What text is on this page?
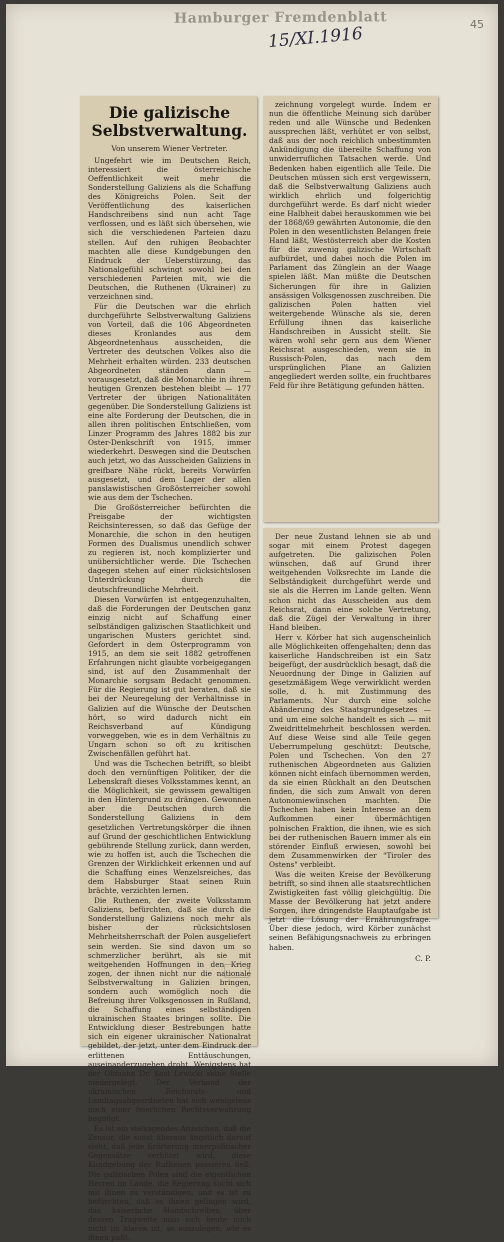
Hamburger Fremdenblatt
15/XI.1916	45
Die galizische
Selbstverwaltung.
Von unserem Wiener Vertreter.

Ungefehrt wie im Deutschen Reich, interessiert die österreichische Oeffentlichkeit weit mehr die Sonderstellung Galiziens als die Schaffung des Königreichs Polen. Seit der Veröffentlichung des kaiserlichen Handschreibens sind nun acht Tage verflossen, und es läßt sich übersehen, wie sich die verschiedenen Parteien dazu stellen. Auf den ruhigen Beobachter machten alle diese Kundgebungen den Eindruck der Ueberstürzung, das Nationalgefühl schwingt sowohl bei den verschiedenen Parteien mit, wie die Deutschen, die Ruthenen (Ukrainer) zu verzeichnen sind.

Für die Deutschen war die ehrlich durchgeführte Selbstverwaltung Galiziens von Vorteil, daß die 106 Abgeordneten dieses Kronlandes aus dem Abgeordnetenhaus ausscheiden, die Vertreter des deutschen Volkes also die Mehrheit erhalten würden. 233 deutschen Abgeordneten ständen dann — vorausgesetzt, daß die Monarchie in ihrem heutigen Grenzen bestehen bleibt — 177 Vertreter der übrigen Nationalitäten gegenüber. Die Sonderstellung Galiziens ist eine alte Forderung der Deutschen, die in allen ihren politischen Entschließen, vom Linzer Programm des Jahres 1882 bis zur Oster-Denkschrift von 1915, immer wiederkehrt. Deswegen sind die Deutschen auch jetzt, wo das Ausscheiden Galiziens in greifbare Nähe rückt, bereits Vorwürfen ausgesetzt, und dem Lager der allen panslawistischen Großösterreicher sowohl wie aus dem der Tschechen.

Die Großösterreicher befürchten die Preisgabe der wichtigsten Reichsinteressen, so daß das Gefüge der Monarchie, die schon in den heutigen Formen des Dualismus unendlich schwer zu regieren ist, noch komplizierter und unübersichtlicher werde. Die Tschechen dagegen stehen auf einer rücksichtslosen Unterdrückung durch die deutschfreundliche Mehrheit.

Diesen Vorwürfen ist entgegenzuhalten, daß die Forderungen der Deutschen ganz einzig nicht auf Schaffung einer selbständigen galizischen Staatlichkeit und ungarischen Musters gerichtet sind. Gefordert in dem Osterprogramm von 1915, an dem sie seit 1882 getroffenen Erfahrungen nicht glaubte vorbeigegangen sind, ist auf den Zusammenhalt der Monarchie sorgsam Bedacht genommen. Für die Regierung ist gut beraten, daß sie bei der Neuregelung der Verhältnisse in Galizien auf die Wünsche der Deutschen hört, so wird dadurch nicht ein Reichsverband auf Kündigung vorweggeben, wie es in dem Verhältnis zu Ungarn schon so oft zu kritischen Zwischenfällen geführt hat.

Und was die Tschechen betrifft, so bleibt doch den vernünftigen Politiker, der die Lebenskraft dieses Volksstammes kennt, an die Möglichkeit, sie gewissem gewaltigen in den Hintergrund zu drängen. Gewonnen aber die Deutschen durch die Sonderstellung Galiziens in dem gesetzlichen Vertretungskörper die ihnen auf Grund der geschichtlichen Entwicklung gebührende Stellung zurück, dann werden, wie zu hoffen ist, auch die Tschechen die Grenzen der Wirklichkeit erkennen und auf die Schaffung eines Wenzelsreiches, das dem Habsburger Staat seinen Ruin brächte, verzichten lernen.

Die Ruthenen, der zweite Volksstamm Galiziens, befürchten, daß sie durch die Sonderstellung Galiziens noch mehr als bisher der rücksichtslosen Mehrheitsherrschaft der Polen ausgeliefert sein werden. Sie sind davon um so schmerzlicher berührt, als sie mit weitgehenden Hoffnungen in den Krieg zogen, der ihnen nicht nur die nationale Selbstverwaltung in Galizien bringen, sondern auch womöglich noch die Befreiung ihrer Volksgenossen in Rußland, die Schaffung eines selbständigen ukrainischen Staates bringen sollte. Die Entwicklung dieser Bestrebungen hatte sich ein eigener ukrainischer Nationalrat gebildet, der jetzt, unter dem Eindruck der erlittenen Enttäuschungen, auseinanderzugehen droht. Wenigstens hat der Obmann Dr. Kost Lewicki seine Stelle niedergelegt. Der Verband der ukrainischen Reichsrats- und Landtagsabgeordneten hat sich wenigstens noch einer feierlichen Rechtsverwahrung begnügt.

Es ist ein vielsagendes Anzeichen, daß die Zensur, die sonst überaus ängstlich darauf sieht, daß jede Erörterung innerpolitischer Gegensätze verhütet wird, diese Kundgebung der Ruthenen passieren ließ. Die galizischen Polen sind die eigentlichen Herren im Lande, die Regierung sucht sich mit ihnen zu verständigen, und es ist zu befürchten, daß es ihnen gelingen wird, das kaiserliche Handschreiben, über dessen Tragweite man sich heute noch nicht im klaren ist, so auszulegen, wie es ihnen paßt.

zeichnung vorgelegt wurde. Indem er nun die öffentliche Meinung sich darüber reden und alle Wünsche und Bedenken aussprechen läßt, verhütet er von selbst, daß aus der noch reichlich unbestimmten Ankündigung die übereilte Schaffung von unwiderruflichen Tatsachen werde. Und Bedenken haben eigentlich alle Teile. Die Deutschen müssen sich erst vergewissern, daß die Selbstverwaltung Galiziens auch wirklich ehrlich und folgerichtig durchgeführt werde. Es darf nicht wieder eine Halbheit dabei herauskommen wie bei der 1868/69 gewährten Autonomie, die den Polen in den wesentlichsten Belangen freie Hand läßt, Westösterreich aber die Kosten für die zuwenig galizische Wirtschaft aufbürdet, und dabei noch die Polen im Parlament das Zünglein an der Waage spielen läßt. Man müßte die Deutschen Sicherungen für ihre in Galizien ansässigen Volksgenossen zuschreiben. Die galizischen Polen hatten viel weitergehende Wünsche als sie, deren Erfüllung ihnen das kaiserliche Handschreiben in Aussicht stellt. Sie wären wohl sehr gern aus dem Wiener Reichsrat ausgeschieden, wenn sie in Russisch-Polen, das nach dem ursprünglichen Plane an Galizien angegliedert werden sollte, ein fruchtbares Feld für ihre Betätigung gefunden hätten.

Der neue Zustand lehnen sie ab und sogar mit einem Protest dagegen aufgetreten. Die galizischen Polen wünschen, daß auf Grund ihrer weitgehenden Volksrechte im Lande die Selbständigkeit durchgeführt werde und sie als die Herren im Lande gelten. Wenn schon nicht das Ausscheiden aus dem Reichsrat, dann eine solche Vertretung, daß die Zügel der Verwaltung in ihrer Hand bleiben.

Herr v. Körber hat sich augenscheinlich alle Möglichkeiten offengehalten; denn das kaiserliche Handschreiben ist ein Satz beigefügt, der ausdrücklich besagt, daß die Neuordnung der Dinge in Galizien auf gesetzmäßigem Wege verwirklicht werden solle, d. h. mit Zustimmung des Parlaments. Nur durch eine solche Abänderung des Staatsgrundgesetzes — und um eine solche handelt es sich — mit Zweidrittelmehrheit beschlossen werden. Auf diese Weise sind alle Teile gegen Ueberrumpelung geschützt: Deutsche, Polen und Tschechen. Von den 27 ruthenischen Abgeordneten aus Galizien können nicht einfach übernommen werden, da sie einen Rückhalt an den Deutschen finden, die sich zum Anwalt von deren Autonomiewünschen machten. Die Tschechen haben kein Interesse an dem Aufkommen einer übermächtigen polnischen Fraktion, die ihnen, wie es sich bei der ruthenischen Bauern immer als ein störender Einfluß erwiesen, sowohl bei dem Zusammenwirken der "Tiroler des Ostens" verbleibt.

Was die weiten Kreise der Bevölkerung betrifft, so sind ihnen alle staatsrechtlichen Zwistigkeiten fast völlig gleichgültig. Die Masse der Bevölkerung hat jetzt andere Sorgen, ihre dringendste Hauptaufgabe ist jetzt die Lösung der Ernährungsfrage. Über diese jedoch, wird Körber zunächst seinen Befähigungsnachweis zu erbringen haben.

C. P.
